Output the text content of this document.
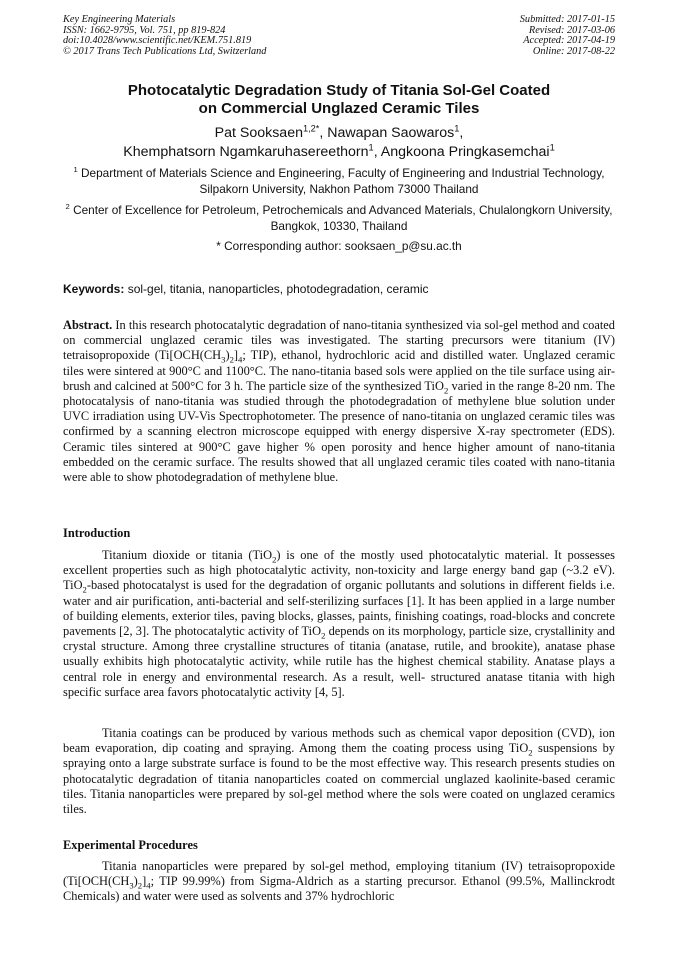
Key Engineering Materials
ISSN: 1662-9795, Vol. 751, pp 819-824
doi:10.4028/www.scientific.net/KEM.751.819
© 2017 Trans Tech Publications Ltd, Switzerland
Submitted: 2017-01-15
Revised: 2017-03-06
Accepted: 2017-04-19
Online: 2017-08-22
Photocatalytic Degradation Study of Titania Sol-Gel Coated
on Commercial Unglazed Ceramic Tiles
Pat Sooksaen$^{1,2*}$, Nawapan Saowaros$^1$,
Khemphatsorn Ngamkaruhasereethorn$^1$, Angkoona Pringkasemchai$^1$
$^1$ Department of Materials Science and Engineering, Faculty of Engineering and Industrial Technology, Silpakorn University, Nakhon Pathom 73000 Thailand
$^2$ Center of Excellence for Petroleum, Petrochemicals and Advanced Materials, Chulalongkorn University, Bangkok, 10330, Thailand
* Corresponding author: sooksaen_p@su.ac.th
Keywords: sol-gel, titania, nanoparticles, photodegradation, ceramic

Abstract. In this research photocatalytic degradation of nano-titania synthesized via sol-gel method and coated on commercial unglazed ceramic tiles was investigated. The starting precursors were titanium (IV) tetraisopropoxide ($Ti[OCH(CH_3)_2]_4$; TIP), ethanol, hydrochloric acid and distilled water. Unglazed ceramic tiles were sintered at 900°C and 1100°C. The nano-titania based sols were applied on the tile surface using air-brush and calcined at 500°C for 3 h. The particle size of the synthesized TiO$_2$ varied in the range 8-20 nm. The photocatalysis of nano-titania was studied through the photodegradation of methylene blue solution under UVC irradiation using UV-Vis Spectrophotometer. The presence of nano-titania on unglazed ceramic tiles was confirmed by a scanning electron microscope equipped with energy dispersive X-ray spectrometer (EDS). Ceramic tiles sintered at 900°C gave higher % open porosity and hence higher amount of nano-titania embedded on the ceramic surface. The results showed that all unglazed ceramic tiles coated with nano-titania were able to show photodegradation of methylene blue.

Introduction

Titanium dioxide or titania (TiO$_2$) is one of the mostly used photocatalytic material. It possesses excellent properties such as high photocatalytic activity, non-toxicity and large energy band gap (~3.2 eV). TiO$_2$-based photocatalyst is used for the degradation of organic pollutants and solutions in different fields i.e. water and air purification, anti-bacterial and self-sterilizing surfaces [1]. It has been applied in a large number of building elements, exterior tiles, paving blocks, glasses, paints, finishing coatings, road-blocks and concrete pavements [2, 3]. The photocatalytic activity of TiO$_2$ depends on its morphology, particle size, crystallinity and crystal structure. Among three crystalline structures of titania (anatase, rutile, and brookite), anatase phase usually exhibits high photocatalytic activity, while rutile has the highest chemical stability. Anatase plays a central role in energy and environmental research. As a result, well- structured anatase titania with high specific surface area favors photocatalytic activity [4, 5].

Titania coatings can be produced by various methods such as chemical vapor deposition (CVD), ion beam evaporation, dip coating and spraying. Among them the coating process using TiO$_2$ suspensions by spraying onto a large substrate surface is found to be the most effective way. This research presents studies on photocatalytic degradation of titania nanoparticles coated on commercial unglazed kaolinite-based ceramic tiles. Titania nanoparticles were prepared by sol-gel method where the sols were coated on unglazed ceramics tiles.

Experimental Procedures

Titania nanoparticles were prepared by sol-gel method, employing titanium (IV) tetraisopropoxide ($Ti[OCH(CH_3)_2]_4$; TIP 99.99%) from Sigma-Aldrich as a starting precursor. Ethanol (99.5%, Mallinckrodt Chemicals) and water were used as solvents and 37% hydrochloric
